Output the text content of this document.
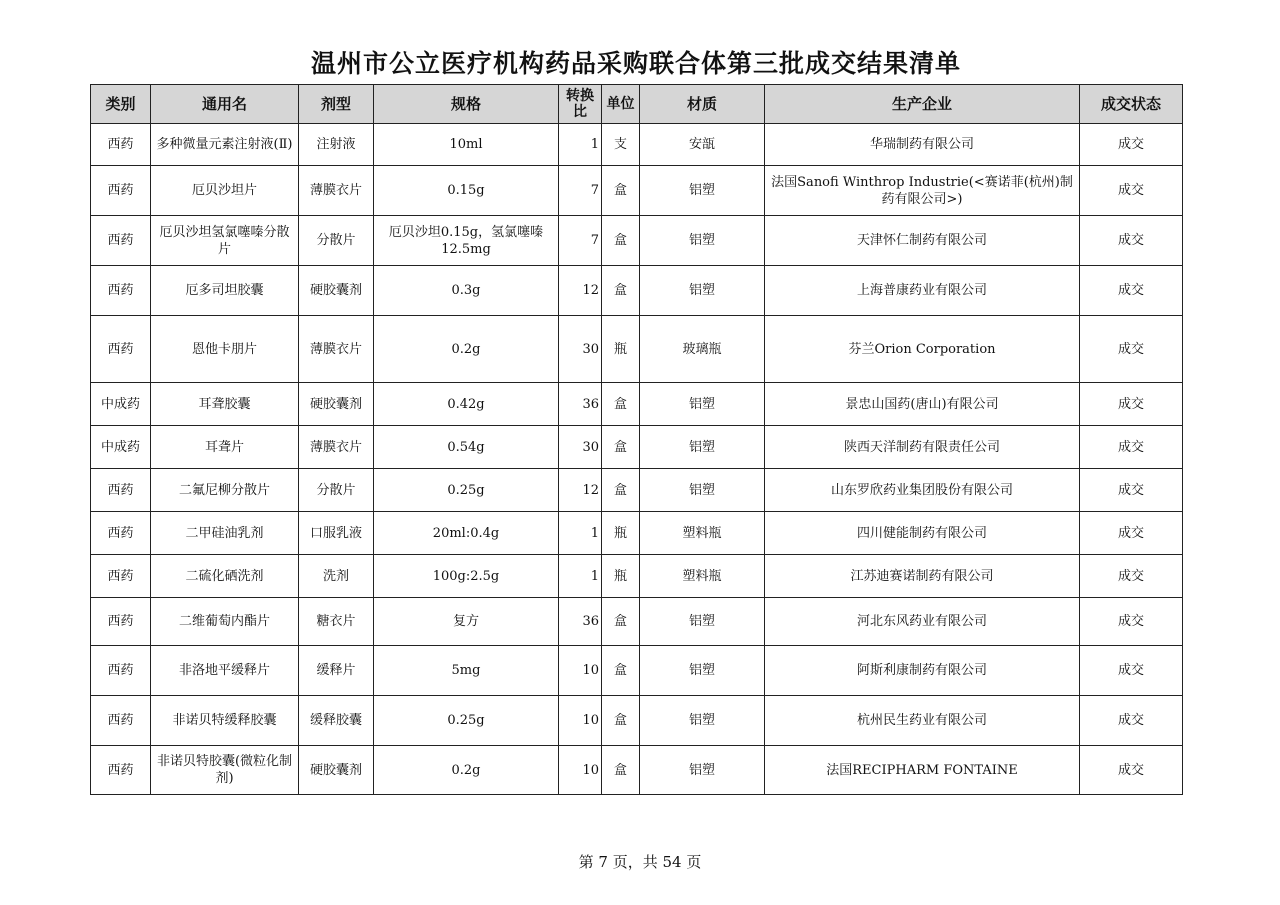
温州市公立医疗机构药品采购联合体第三批成交结果清单
类别	通用名	剂型	规格	转换比	单位	材质	生产企业	成交状态
西药	多种微量元素注射液(Ⅱ)	注射液	10ml	1	支	安瓿	华瑞制药有限公司	成交
西药	厄贝沙坦片	薄膜衣片	0.15g	7	盒	铝塑	法国Sanofi Winthrop Industrie(<赛诺菲(杭州)制药有限公司>)	成交
西药	厄贝沙坦氢氯噻嗪分散片	分散片	厄贝沙坦0.15g，氢氯噻嗪12.5mg	7	盒	铝塑	天津怀仁制药有限公司	成交
西药	厄多司坦胶囊	硬胶囊剂	0.3g	12	盒	铝塑	上海普康药业有限公司	成交
西药	恩他卡朋片	薄膜衣片	0.2g	30	瓶	玻璃瓶	芬兰Orion Corporation	成交
中成药	耳聋胶囊	硬胶囊剂	0.42g	36	盒	铝塑	景忠山国药(唐山)有限公司	成交
中成药	耳聋片	薄膜衣片	0.54g	30	盒	铝塑	陕西天洋制药有限责任公司	成交
西药	二氟尼柳分散片	分散片	0.25g	12	盒	铝塑	山东罗欣药业集团股份有限公司	成交
西药	二甲硅油乳剂	口服乳液	20ml:0.4g	1	瓶	塑料瓶	四川健能制药有限公司	成交
西药	二硫化硒洗剂	洗剂	100g:2.5g	1	瓶	塑料瓶	江苏迪赛诺制药有限公司	成交
西药	二维葡萄内酯片	糖衣片	复方	36	盒	铝塑	河北东风药业有限公司	成交
西药	非洛地平缓释片	缓释片	5mg	10	盒	铝塑	阿斯利康制药有限公司	成交
西药	非诺贝特缓释胶囊	缓释胶囊	0.25g	10	盒	铝塑	杭州民生药业有限公司	成交
西药	非诺贝特胶囊(微粒化制剂)	硬胶囊剂	0.2g	10	盒	铝塑	法国RECIPHARM FONTAINE	成交
第 7 页，共 54 页
